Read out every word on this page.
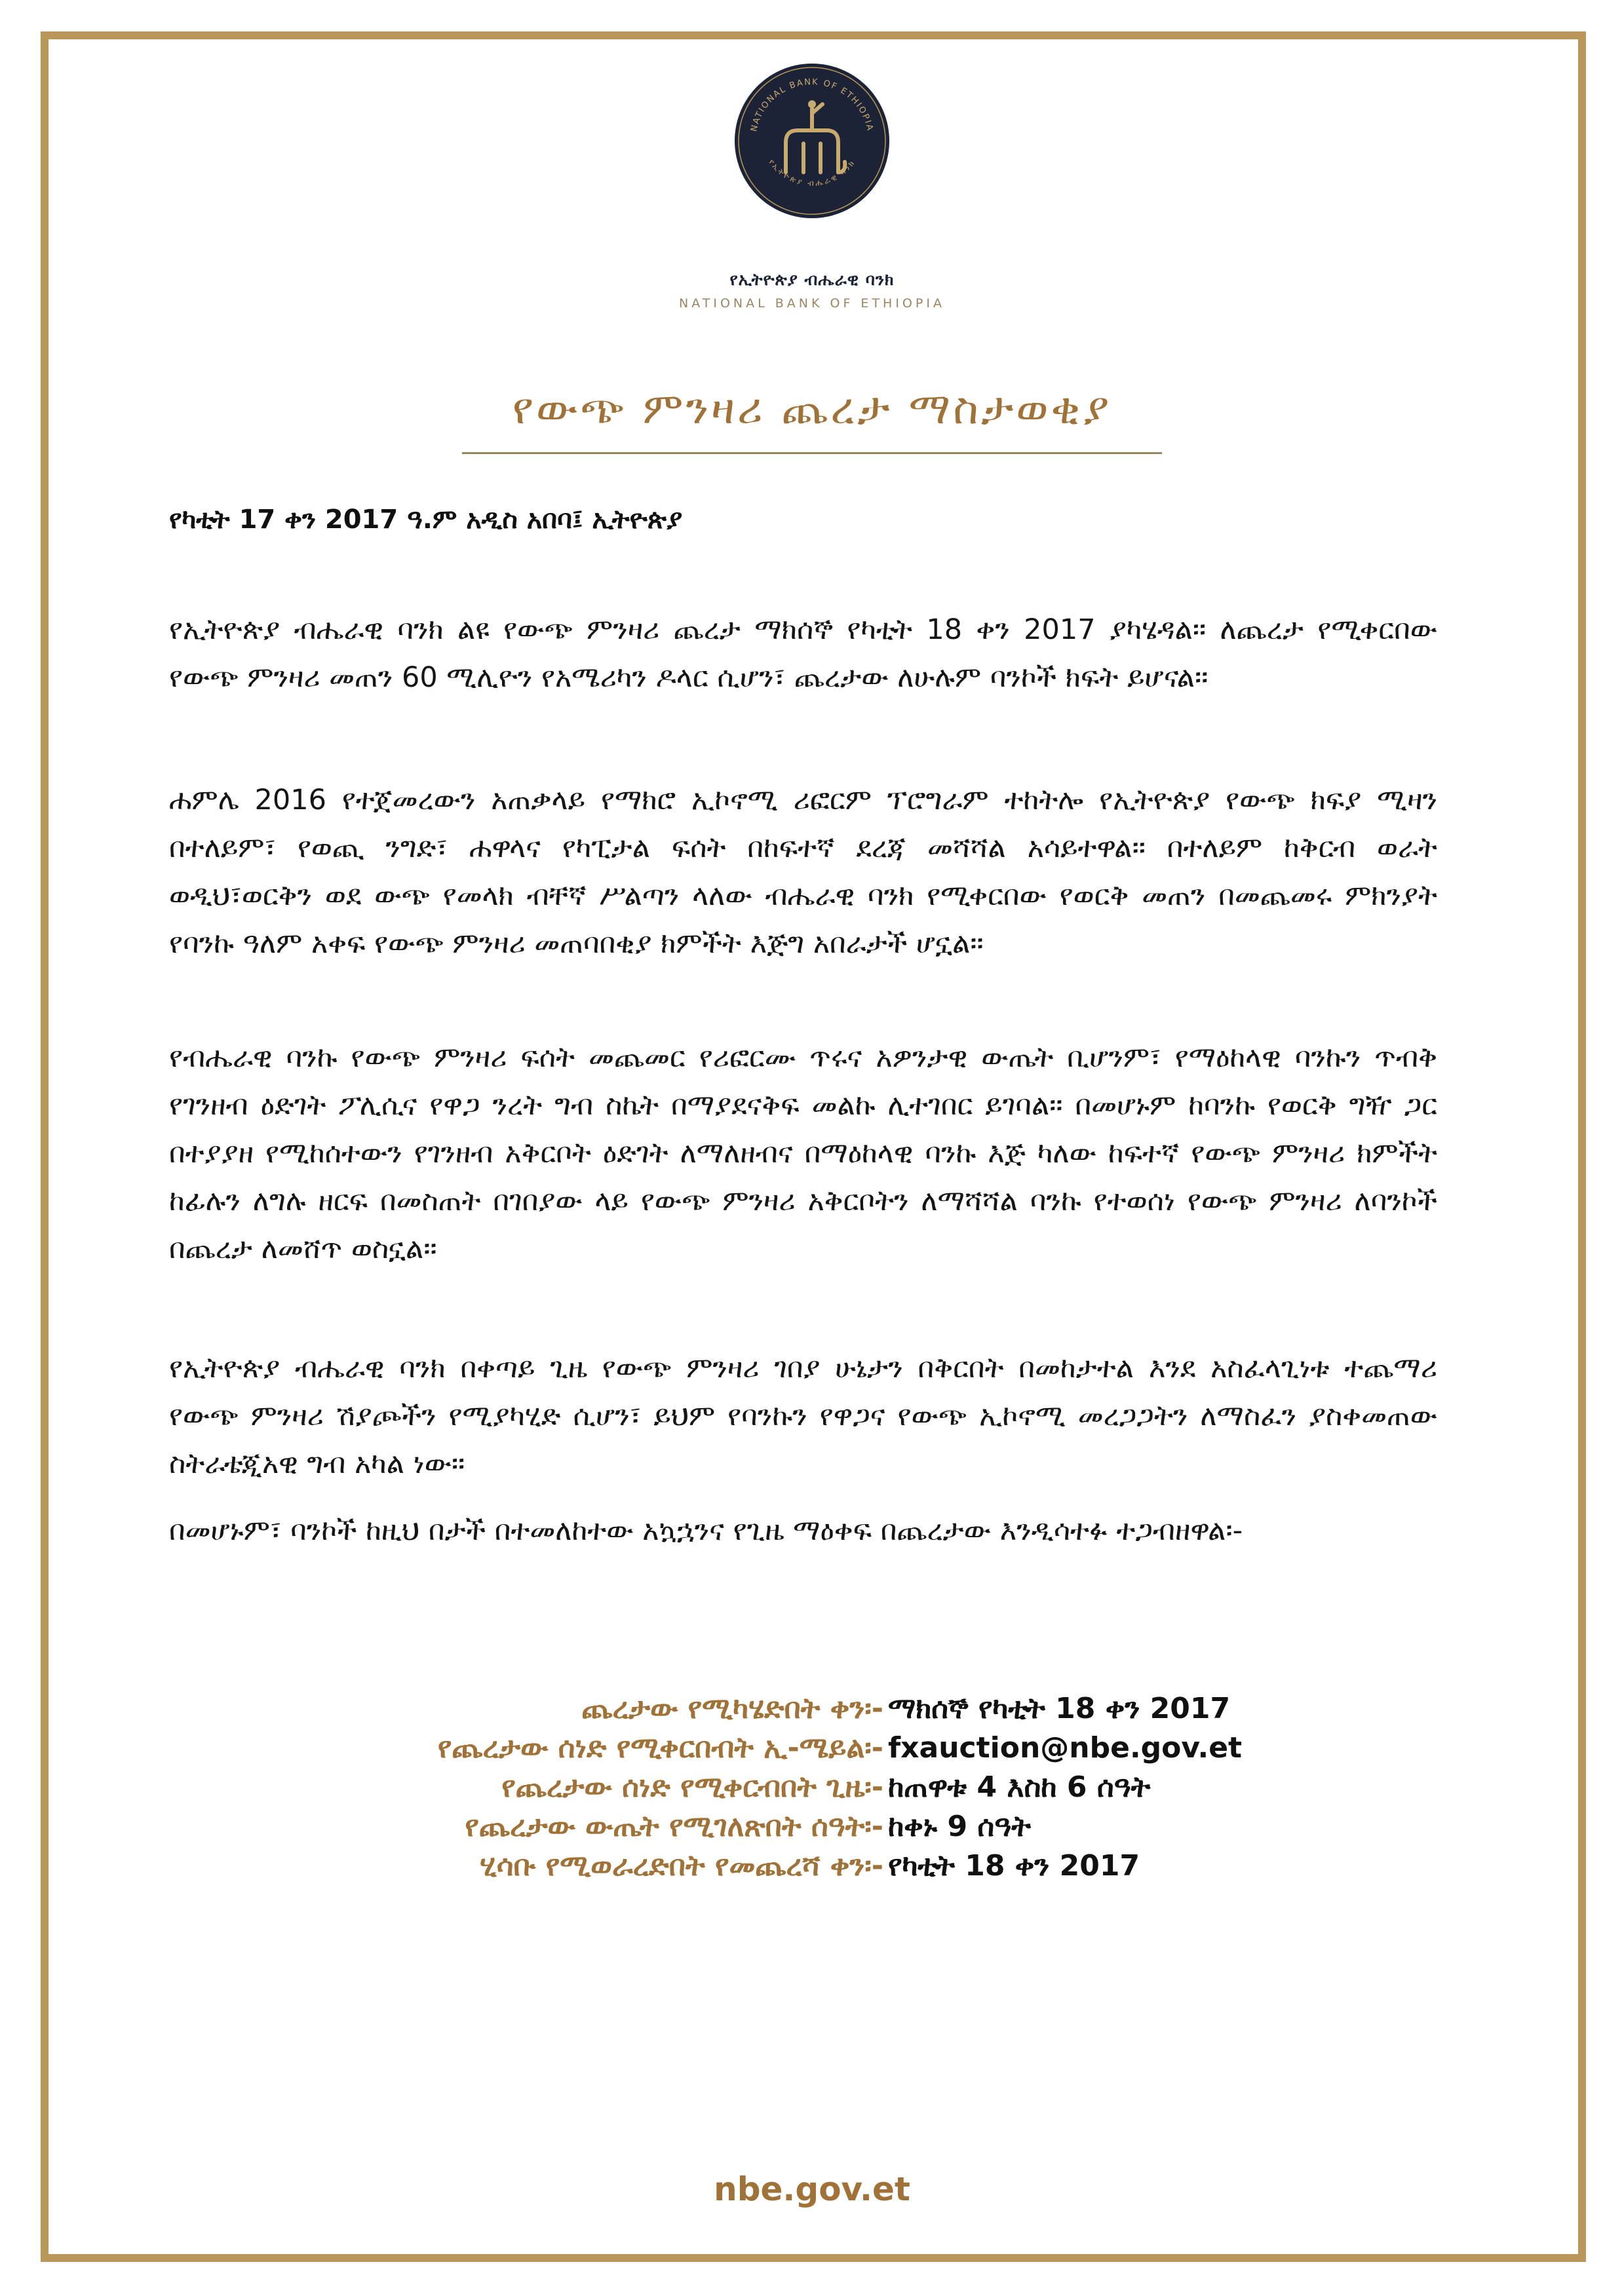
NATIONAL BANK OF ETHIOPIA
የኢትዮጵያ ብሔራዊ ባንክ
የኢትዮጵያ ብሔራዊ ባንክ
NATIONAL BANK OF ETHIOPIA
የውጭ ምንዛሪ ጨረታ ማስታወቂያ
የካቲት 17 ቀን 2017 ዓ.ም አዲስ አበባ፤ ኢትዮጵያ

የኢትዮጵያ ብሔራዊ ባንክ ልዩ የውጭ ምንዛሪ ጨረታ ማክሰኞ የካቲት 18 ቀን 2017 ያካሄዳል፡፡ ለጨረታ የሚቀርበው የውጭ ምንዛሪ መጠን 60 ሚሊዮን የአሜሪካን ዶላር ሲሆን፣ ጨረታው ለሁሉም ባንኮች ክፍት ይሆናል፡፡

ሐምሌ 2016 የተጀመረውን አጠቃላይ የማክሮ ኢኮኖሚ ሪፎርም ፕሮግራም ተከትሎ የኢትዮጵያ የውጭ ክፍያ ሚዛን በተለይም፣ የወጪ ንግድ፣ ሐዋላና የካፒታል ፍሰት በከፍተኛ ደረጃ መሻሻል አሳይተዋል፡፡ በተለይም ከቅርብ ወራት ወዲህ፣ወርቅን ወደ ውጭ የመላክ ብቸኛ ሥልጣን ላለው ብሔራዊ ባንክ የሚቀርበው የወርቅ መጠን በመጨመሩ ምክንያት የባንኩ ዓለም አቀፍ የውጭ ምንዛሪ መጠባበቂያ ክምችት እጅግ አበራታች ሆኗል፡፡

የብሔራዊ ባንኩ የውጭ ምንዛሪ ፍሰት መጨመር የሪፎርሙ ጥሩና አዎንታዊ ውጤት ቢሆንም፣ የማዕከላዊ ባንኩን ጥብቅ የገንዘብ ዕድገት ፖሊሲና የዋጋ ንረት ግብ ስኬት በማያደናቅፍ መልኩ ሊተገበር ይገባል፡፡ በመሆኑም ከባንኩ የወርቅ ግዥ ጋር በተያያዘ የሚከሰተውን የገንዘብ አቅርቦት ዕድገት ለማለዘብና በማዕከላዊ ባንኩ እጅ ካለው ከፍተኛ የውጭ ምንዛሪ ክምችት ከፊሉን ለግሉ ዘርፍ በመስጠት በገበያው ላይ የውጭ ምንዛሪ አቅርቦትን ለማሻሻል ባንኩ የተወሰነ የውጭ ምንዛሪ ለባንኮች በጨረታ ለመሸጥ ወስኗል፡፡

የኢትዮጵያ ብሔራዊ ባንክ በቀጣይ ጊዜ የውጭ ምንዛሪ ገበያ ሁኔታን በቅርበት በመከታተል እንደ አስፈላጊነቱ ተጨማሪ የውጭ ምንዛሪ ሽያጮችን የሚያካሂድ ሲሆን፣ ይህም የባንኩን የዋጋና የውጭ ኢኮኖሚ መረጋጋትን ለማስፈን ያስቀመጠው ስትራቴጂአዊ ግብ አካል ነው፡፡

በመሆኑም፣ ባንኮች ከዚህ በታች በተመለከተው አኳኋንና የጊዜ ማዕቀፍ በጨረታው እንዲሳተፉ ተጋብዘዋል፡-

ጨረታው የሚካሄድበት ቀን፡- ማክሰኞ የካቲት 18 ቀን 2017
የጨረታው ሰነድ የሚቀርበብት ኢ-ሜይል፡- fxauction@nbe.gov.et
የጨረታው ሰነድ የሚቀርብበት ጊዜ፡- ከጠዋቱ 4 እስከ 6 ሰዓት
የጨረታው ውጤት የሚገለጽበት ሰዓት፡- ከቀኑ 9 ሰዓት
ሂሳቡ የሚወራረድበት የመጨረሻ ቀን፡- የካቲት 18 ቀን 2017
nbe.gov.et
